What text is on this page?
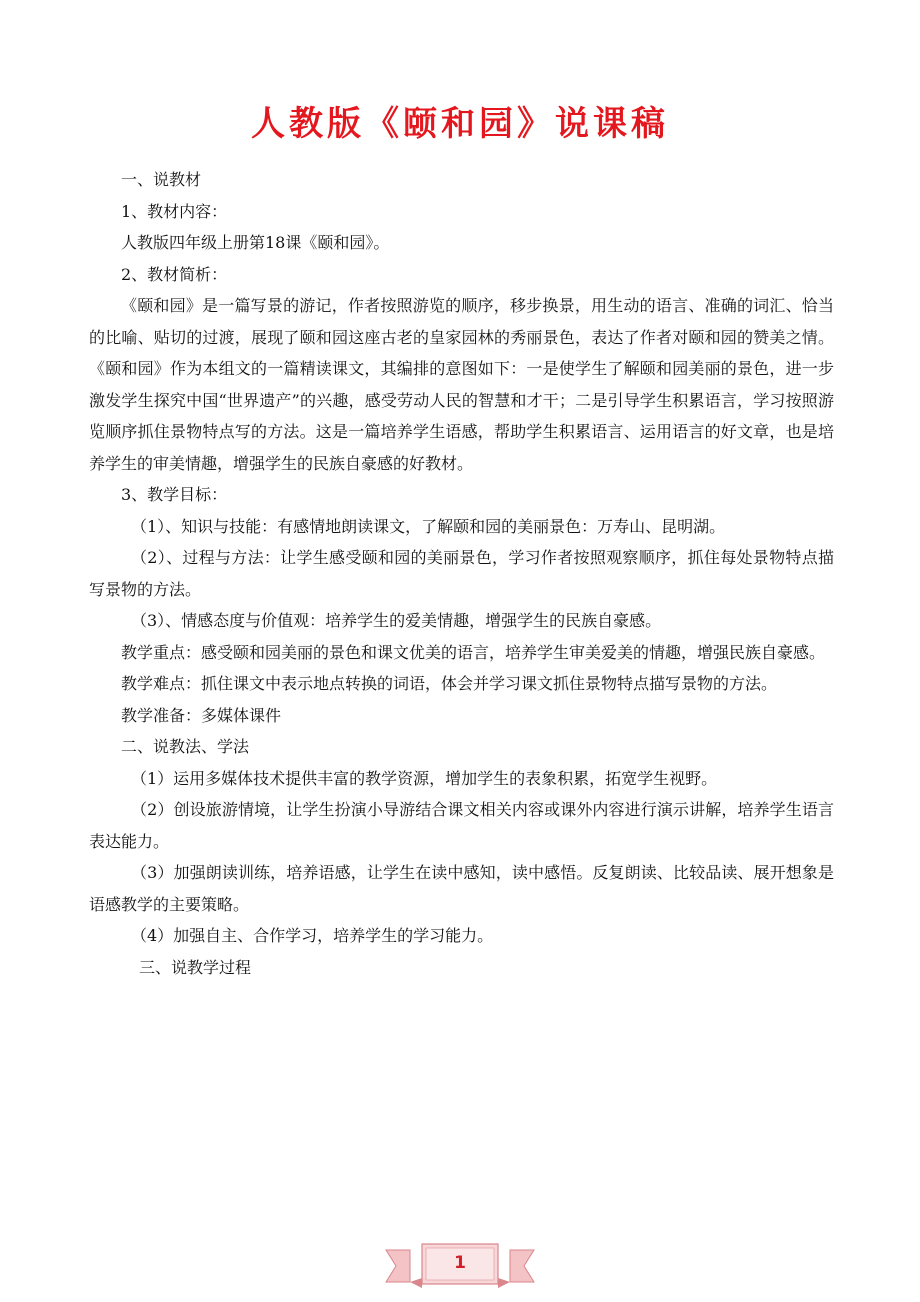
人教版《颐和园》说课稿

一、说教材

1、教材内容：

人教版四年级上册第18课《颐和园》。

2、教材简析：

《颐和园》是一篇写景的游记，作者按照游览的顺序，移步换景，用生动的语言、准确的词汇、恰当的比喻、贴切的过渡，展现了颐和园这座古老的皇家园林的秀丽景色，表达了作者对颐和园的赞美之情。《颐和园》作为本组文的一篇精读课文，其编排的意图如下：一是使学生了解颐和园美丽的景色，进一步激发学生探究中国“世界遗产”的兴趣，感受劳动人民的智慧和才干；二是引导学生积累语言，学习按照游览顺序抓住景物特点写的方法。这是一篇培养学生语感，帮助学生积累语言、运用语言的好文章，也是培养学生的审美情趣，增强学生的民族自豪感的好教材。

3、教学目标：

（1）、知识与技能：有感情地朗读课文，了解颐和园的美丽景色：万寿山、昆明湖。

（2）、过程与方法：让学生感受颐和园的美丽景色，学习作者按照观察顺序，抓住每处景物特点描写景物的方法。

（3）、情感态度与价值观：培养学生的爱美情趣，增强学生的民族自豪感。

教学重点：感受颐和园美丽的景色和课文优美的语言，培养学生审美爱美的情趣，增强民族自豪感。

教学难点：抓住课文中表示地点转换的词语，体会并学习课文抓住景物特点描写景物的方法。

教学准备：多媒体课件

二、说教法、学法

（1）运用多媒体技术提供丰富的教学资源，增加学生的表象积累，拓宽学生视野。

（2）创设旅游情境，让学生扮演小导游结合课文相关内容或课外内容进行演示讲解，培养学生语言表达能力。

（3）加强朗读训练，培养语感，让学生在读中感知，读中感悟。反复朗读、比较品读、展开想象是语感教学的主要策略。

（4）加强自主、合作学习，培养学生的学习能力。

三、说教学过程

1
